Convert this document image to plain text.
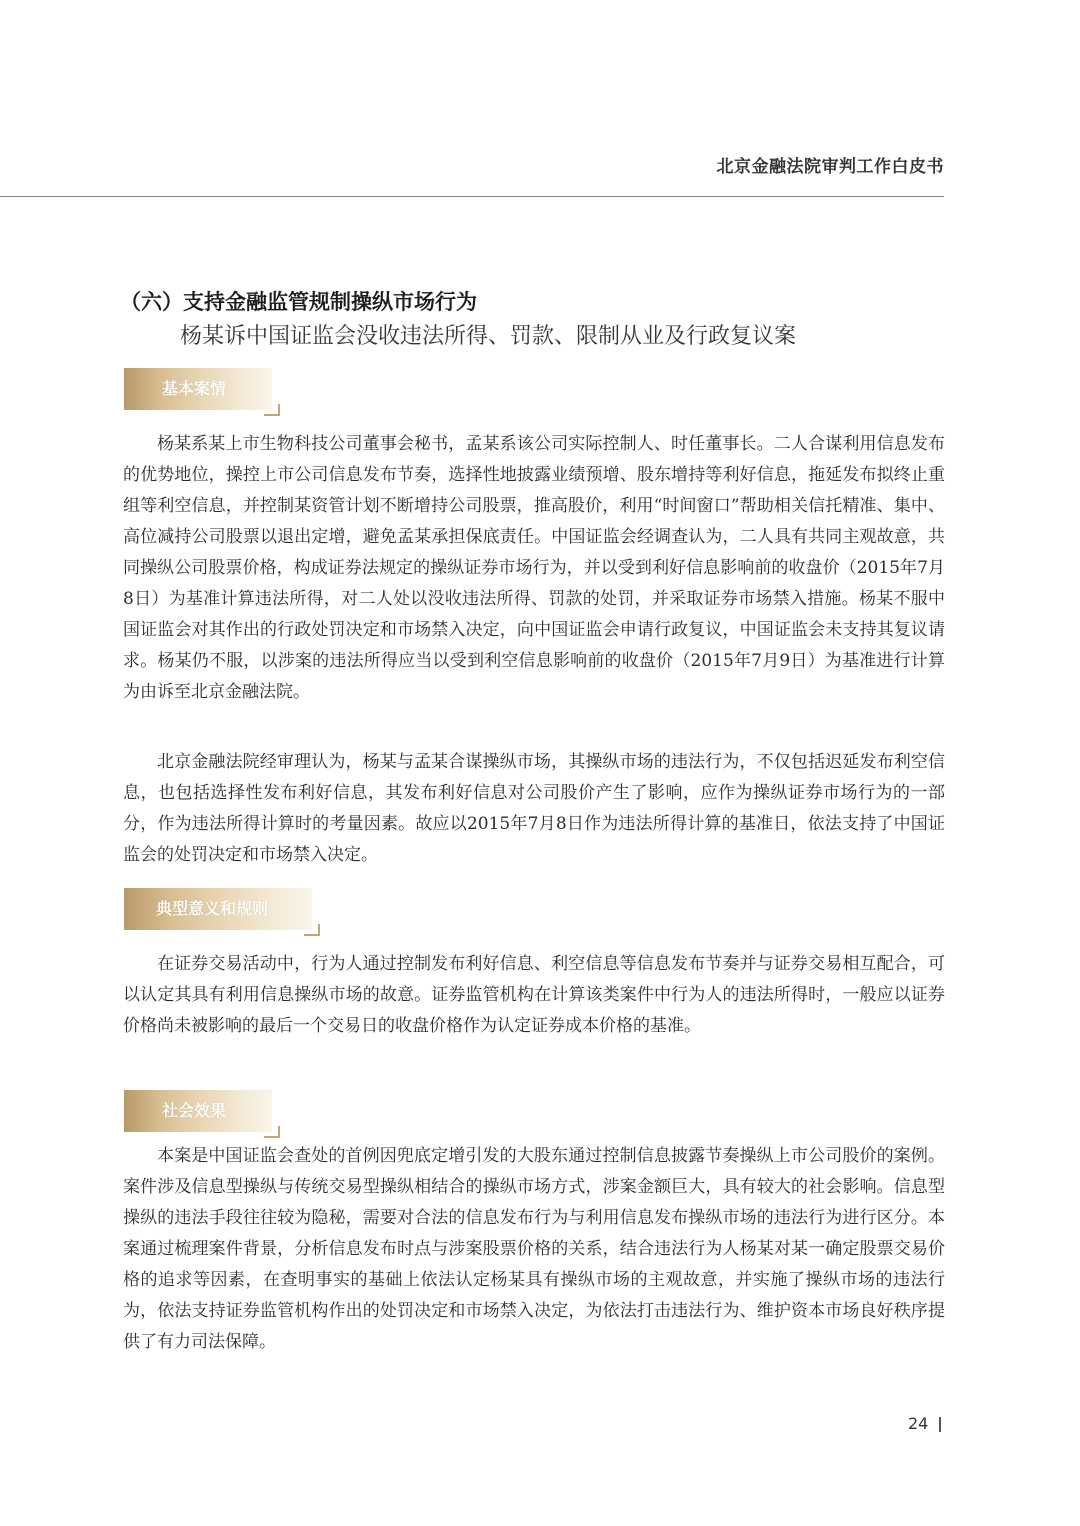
北京金融法院审判工作白皮书
（六）支持金融监管规制操纵市场行为
杨某诉中国证监会没收违法所得、罚款、限制从业及行政复议案
基本案情

杨某系某上市生物科技公司董事会秘书，孟某系该公司实际控制人、时任董事长。二人合谋利用信息发布的优势地位，操控上市公司信息发布节奏，选择性地披露业绩预增、股东增持等利好信息，拖延发布拟终止重组等利空信息，并控制某资管计划不断增持公司股票，推高股价，利用“时间窗口”帮助相关信托精准、集中、高位减持公司股票以退出定增，避免孟某承担保底责任。中国证监会经调查认为，二人具有共同主观故意，共同操纵公司股票价格，构成证券法规定的操纵证券市场行为，并以受到利好信息影响前的收盘价（2015年7月8日）为基准计算违法所得，对二人处以没收违法所得、罚款的处罚，并采取证券市场禁入措施。杨某不服中国证监会对其作出的行政处罚决定和市场禁入决定，向中国证监会申请行政复议，中国证监会未支持其复议请求。杨某仍不服，以涉案的违法所得应当以受到利空信息影响前的收盘价（2015年7月9日）为基准进行计算为由诉至北京金融法院。

北京金融法院经审理认为，杨某与孟某合谋操纵市场，其操纵市场的违法行为，不仅包括迟延发布利空信息，也包括选择性发布利好信息，其发布利好信息对公司股价产生了影响，应作为操纵证券市场行为的一部分，作为违法所得计算时的考量因素。故应以2015年7月8日作为违法所得计算的基准日，依法支持了中国证监会的处罚决定和市场禁入决定。

典型意义和规则

在证券交易活动中，行为人通过控制发布利好信息、利空信息等信息发布节奏并与证券交易相互配合，可以认定其具有利用信息操纵市场的故意。证券监管机构在计算该类案件中行为人的违法所得时，一般应以证券价格尚未被影响的最后一个交易日的收盘价格作为认定证券成本价格的基准。

社会效果

本案是中国证监会查处的首例因兜底定增引发的大股东通过控制信息披露节奏操纵上市公司股价的案例。案件涉及信息型操纵与传统交易型操纵相结合的操纵市场方式，涉案金额巨大，具有较大的社会影响。信息型操纵的违法手段往往较为隐秘，需要对合法的信息发布行为与利用信息发布操纵市场的违法行为进行区分。本案通过梳理案件背景，分析信息发布时点与涉案股票价格的关系，结合违法行为人杨某对某一确定股票交易价格的追求等因素，在查明事实的基础上依法认定杨某具有操纵市场的主观故意，并实施了操纵市场的违法行为，依法支持证券监管机构作出的处罚决定和市场禁入决定，为依法打击违法行为、维护资本市场良好秩序提供了有力司法保障。

24
